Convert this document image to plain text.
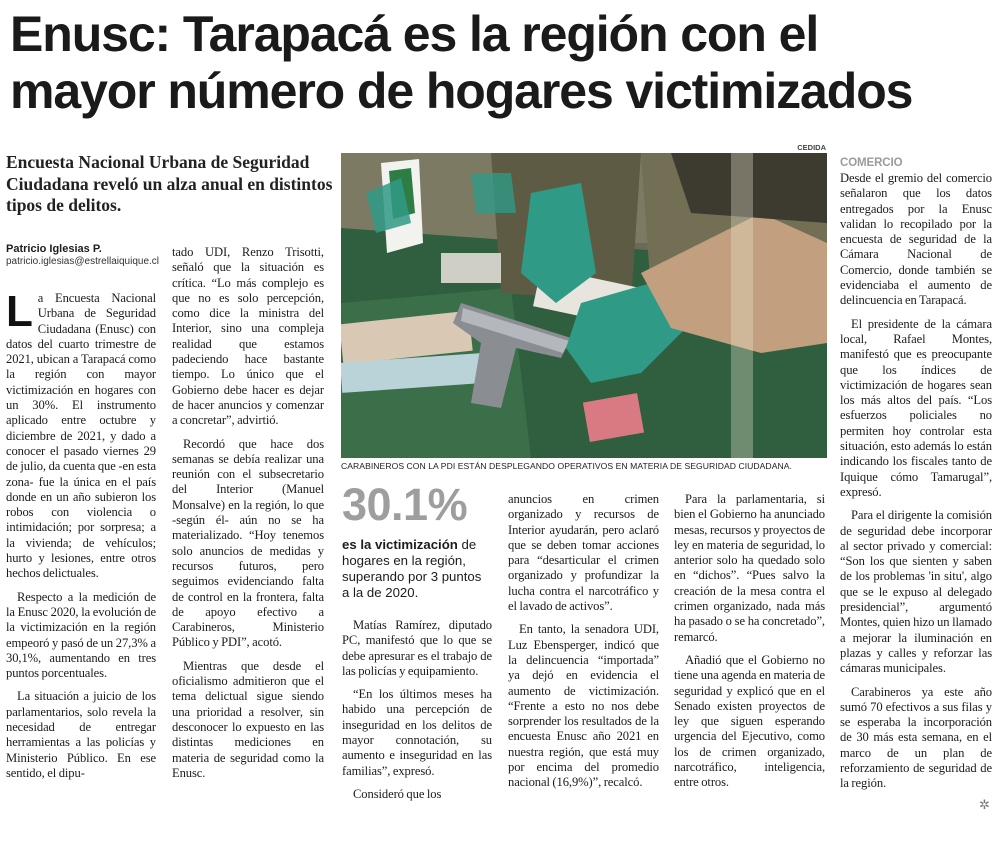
Enusc: Tarapacá es la región con el
mayor número de hogares victimizados
Encuesta Nacional Urbana de Seguridad Ciudadana reveló un alza anual en distintos tipos de delitos.
Patricio Iglesias P.
patricio.iglesias@estrellaiquique.cl

La Encuesta Nacional Urbana de Seguridad Ciudadana (Enusc) con datos del cuarto trimestre de 2021, ubican a Tarapacá como la región con mayor victimización en hogares con un 30%. El instrumento aplicado entre octubre y diciembre de 2021, y dado a conocer el pasado viernes 29 de julio, da cuenta que -en esta zona- fue la única en el país donde en un año subieron los robos con violencia o intimidación; por sorpresa; a la vivienda; de vehículos; hurto y lesiones, entre otros hechos delictuales.

Respecto a la medición de la Enusc 2020, la evolución de la victimización en la región empeoró y pasó de un 27,3% a 30,1%, aumentando en tres puntos porcentuales.

La situación a juicio de los parlamentarios, solo revela la necesidad de entregar herramientas a las policías y Ministerio Público. En ese sentido, el dipu-

tado UDI, Renzo Trisotti, señaló que la situación es crítica. “Lo más complejo es que no es solo percepción, como dice la ministra del Interior, sino una compleja realidad que estamos padeciendo hace bastante tiempo. Lo único que el Gobierno debe hacer es dejar de hacer anuncios y comenzar a concretar”, advirtió.

Recordó que hace dos semanas se debía realizar una reunión con el subsecretario del Interior (Manuel Monsalve) en la región, lo que -según él- aún no se ha materializado. “Hoy tenemos solo anuncios de medidas y recursos futuros, pero seguimos evidenciando falta de control en la frontera, falta de apoyo efectivo a Carabineros, Ministerio Público y PDI”, acotó.

Mientras que desde el oficialismo admitieron que el tema delictual sigue siendo una prioridad a resolver, sin desconocer lo expuesto en las distintas mediciones en materia de seguridad como la Enusc.

CEDIDA
CARABINEROS CON LA PDI ESTÁN DESPLEGANDO OPERATIVOS EN MATERIA DE SEGURIDAD CIUDADANA.
30.1%
es la victimización de hogares en la región, superando por 3 puntos a la de 2020.

Matías Ramírez, diputado PC, manifestó que lo que se debe apresurar es el trabajo de las policías y equipamiento.

“En los últimos meses ha habido una percepción de inseguridad en los delitos de mayor connotación, su aumento e inseguridad en las familias”, expresó.

Consideró que los

anuncios en crimen organizado y recursos de Interior ayudarán, pero aclaró que se deben tomar acciones para “desarticular el crimen organizado y profundizar la lucha contra el narcotráfico y el lavado de activos”.

En tanto, la senadora UDI, Luz Ebensperger, indicó que la delincuencia “importada” ya dejó en evidencia el aumento de victimización. “Frente a esto no nos debe sorprender los resultados de la encuesta Enusc año 2021 en nuestra región, que está muy por encima del promedio nacional (16,9%)”, recalcó.

Para la parlamentaria, si bien el Gobierno ha anunciado mesas, recursos y proyectos de ley en materia de seguridad, lo anterior solo ha quedado solo en “dichos”. “Pues salvo la creación de la mesa contra el crimen organizado, nada más ha pasado o se ha concretado”, remarcó.

Añadió que el Gobierno no tiene una agenda en materia de seguridad y explicó que en el Senado existen proyectos de ley que siguen esperando urgencia del Ejecutivo, como los de crimen organizado, narcotráfico, inteligencia, entre otros.

COMERCIO

Desde el gremio del comercio señalaron que los datos entregados por la Enusc validan lo recopilado por la encuesta de seguridad de la Cámara Nacional de Comercio, donde también se evidenciaba el aumento de delincuencia en Tarapacá.

El presidente de la cámara local, Rafael Montes, manifestó que es preocupante que los índices de victimización de hogares sean los más altos del país. “Los esfuerzos policiales no permiten hoy controlar esta situación, esto además lo están indicando los fiscales tanto de Iquique cómo Tamarugal”, expresó.

Para el dirigente la comisión de seguridad debe incorporar al sector privado y comercial: “Son los que sienten y saben de los problemas 'in situ', algo que se le expuso al delegado presidencial”, argumentó Montes, quien hizo un llamado a mejorar la iluminación en plazas y calles y reforzar las cámaras municipales.

Carabineros ya este año sumó 70 efectivos a sus filas y se esperaba la incorporación de 30 más esta semana, en el marco de un plan de reforzamiento de seguridad de la región.

✲
